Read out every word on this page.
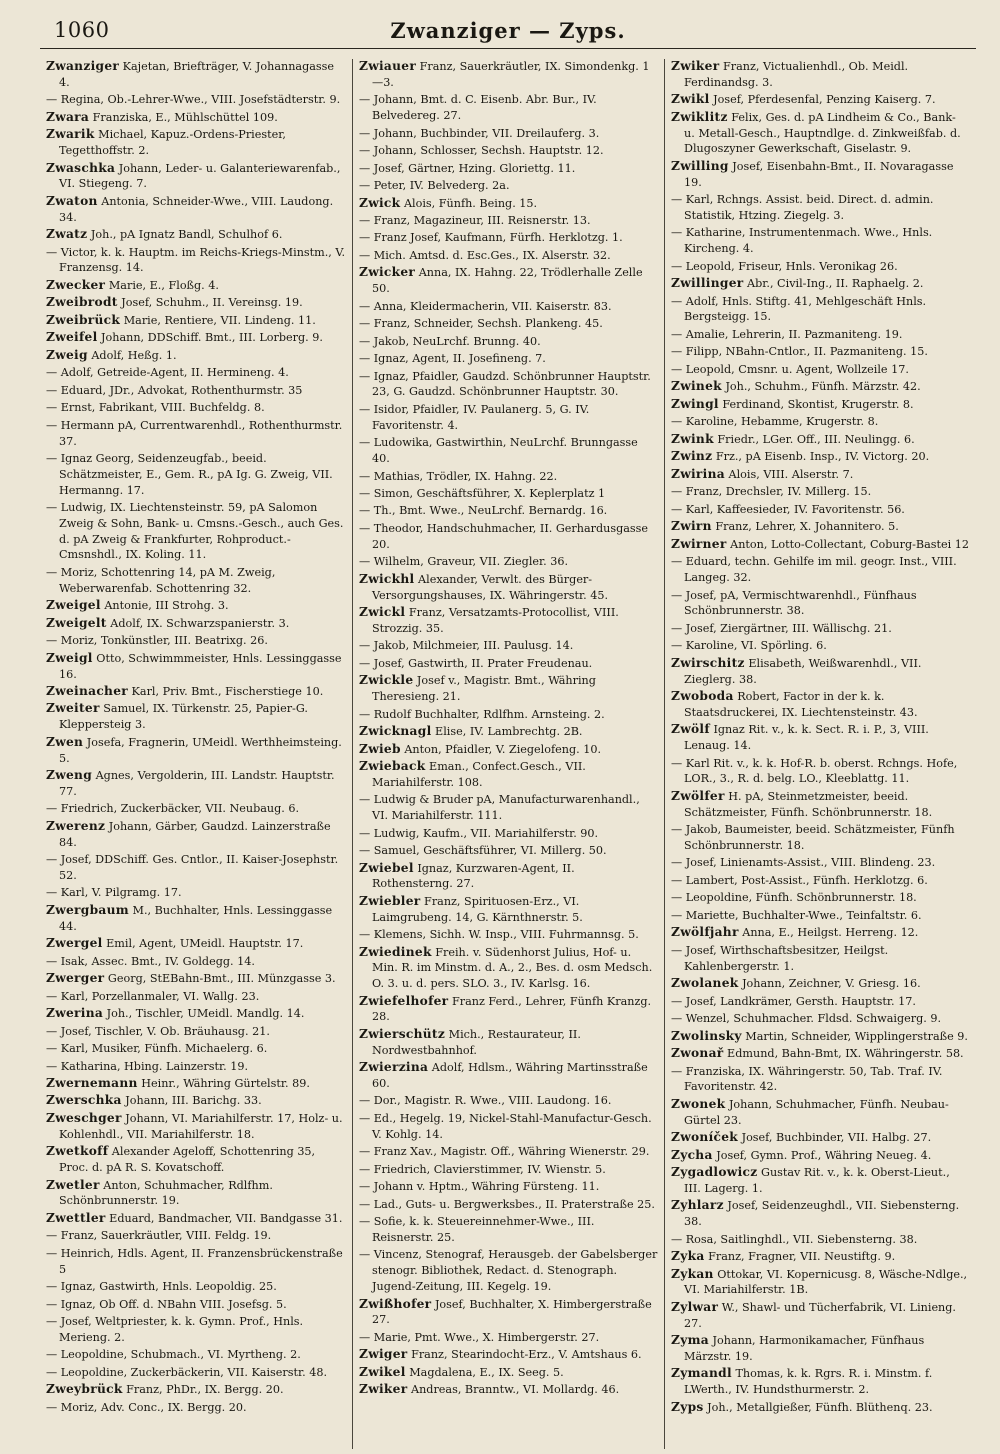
1060	Zwanziger — Zyps.
Zwanziger Kajetan, Briefträger, V. Johannagasse 4.
— Regina, Ob.-Lehrer-Wwe., VIII. Josefstädterstr. 9.
Zwara Franziska, E., Mühlschüttel 109.
Zwarik Michael, Kapuz.-Ordens-Priester, Tegetthoffstr. 2.
Zwaschka Johann, Leder- u. Galanteriewarenfab., VI. Stiegeng. 7.
Zwaton Antonia, Schneider-Wwe., VIII. Laudong. 34.
Zwatz Joh., pA Ignatz Bandl, Schulhof 6.
— Victor, k. k. Hauptm. im Reichs-Kriegs-Minstm., V. Franzensg. 14.
Zwecker Marie, E., Floßg. 4.
Zweibrodt Josef, Schuhm., II. Vereinsg. 19.
Zweibrück Marie, Rentiere, VII. Lindeng. 11.
Zweifel Johann, DDSchiff. Bmt., III. Lorberg. 9.
Zweig Adolf, Heßg. 1.
— Adolf, Getreide-Agent, II. Hermineng. 4.
— Eduard, JDr., Advokat, Rothenthurmstr. 35
— Ernst, Fabrikant, VIII. Buchfeldg. 8.
— Hermann pA, Currentwarenhdl., Rothenthurmstr. 37.
— Ignaz Georg, Seidenzeugfab., beeid. Schätzmeister, E., Gem. R., pA Ig. G. Zweig, VII. Hermanng. 17.
— Ludwig, IX. Liechtensteinstr. 59, pA Salomon Zweig & Sohn, Bank- u. Cmsns.-Gesch., auch Ges. d. pA Zweig & Frankfurter, Rohproduct.-Cmsnshdl., IX. Koling. 11.
— Moriz, Schottenring 14, pA M. Zweig, Weberwarenfab. Schottenring 32.
Zweigel Antonie, III Strohg. 3.
Zweigelt Adolf, IX. Schwarzspanierstr. 3.
— Moriz, Tonkünstler, III. Beatrixg. 26.
Zweigl Otto, Schwimmmeister, Hnls. Lessinggasse 16.
Zweinacher Karl, Priv. Bmt., Fischerstiege 10.
Zweiter Samuel, IX. Türkenstr. 25, Papier-G. Kleppersteig 3.
Zwen Josefa, Fragnerin, UMeidl. Werthheimsteing. 5.
Zweng Agnes, Vergolderin, III. Landstr. Hauptstr. 77.
— Friedrich, Zuckerbäcker, VII. Neubaug. 6.
Zwerenz Johann, Gärber, Gaudzd. Lainzerstraße 84.
— Josef, DDSchiff. Ges. Cntlor., II. Kaiser-Josephstr. 52.
— Karl, V. Pilgramg. 17.
Zwergbaum M., Buchhalter, Hnls. Lessinggasse 44.
Zwergel Emil, Agent, UMeidl. Hauptstr. 17.
— Isak, Assec. Bmt., IV. Goldegg. 14.
Zwerger Georg, StEBahn-Bmt., III. Münzgasse 3.
— Karl, Porzellanmaler, VI. Wallg. 23.
Zwerina Joh., Tischler, UMeidl. Mandlg. 14.
— Josef, Tischler, V. Ob. Bräuhausg. 21.
— Karl, Musiker, Fünfh. Michaelerg. 6.
— Katharina, Hbing. Lainzerstr. 19.
Zwernemann Heinr., Währing Gürtelstr. 89.
Zwerschka Johann, III. Barichg. 33.
Zweschger Johann, VI. Mariahilferstr. 17, Holz- u. Kohlenhdl., VII. Mariahilferstr. 18.
Zwetkoff Alexander Ageloff, Schottenring 35, Proc. d. pA R. S. Kovatschoff.
Zwetler Anton, Schuhmacher, Rdlfhm. Schönbrunnerstr. 19.
Zwettler Eduard, Bandmacher, VII. Bandgasse 31.
— Franz, Sauerkräutler, VIII. Feldg. 19.
— Heinrich, Hdls. Agent, II. Franzensbrückenstraße 5
— Ignaz, Gastwirth, Hnls. Leopoldig. 25.
— Ignaz, Ob Off. d. NBahn VIII. Josefsg. 5.
— Josef, Weltpriester, k. k. Gymn. Prof., Hnls. Merieng. 2.
— Leopoldine, Schubmach., VI. Myrtheng. 2.
— Leopoldine, Zuckerbäckerin, VII. Kaiserstr. 48.
Zweybrück Franz, PhDr., IX. Bergg. 20.
— Moriz, Adv. Conc., IX. Bergg. 20.
Zwiauer Franz, Sauerkräutler, IX. Simondenkg. 1—3.
— Johann, Bmt. d. C. Eisenb. Abr. Bur., IV. Belvedereg. 27.
— Johann, Buchbinder, VII. Dreilauferg. 3.
— Johann, Schlosser, Sechsh. Hauptstr. 12.
— Josef, Gärtner, Hzing. Gloriettg. 11.
— Peter, IV. Belvederg. 2a.
Zwick Alois, Fünfh. Being. 15.
— Franz, Magazineur, III. Reisnerstr. 13.
— Franz Josef, Kaufmann, Fürfh. Herklotzg. 1.
— Mich. Amtsd. d. Esc.Ges., IX. Alserstr. 32.
Zwicker Anna, IX. Hahng. 22, Trödlerhalle Zelle 50.
— Anna, Kleidermacherin, VII. Kaiserstr. 83.
— Franz, Schneider, Sechsh. Plankeng. 45.
— Jakob, NeuLrchf. Brunng. 40.
— Ignaz, Agent, II. Josefineng. 7.
— Ignaz, Pfaidler, Gaudzd. Schönbrunner Hauptstr. 23, G. Gaudzd. Schönbrunner Hauptstr. 30.
— Isidor, Pfaidler, IV. Paulanerg. 5, G. IV. Favoritenstr. 4.
— Ludowika, Gastwirthin, NeuLrchf. Brunngasse 40.
— Mathias, Trödler, IX. Hahng. 22.
— Simon, Geschäftsführer, X. Keplerplatz 1
— Th., Bmt. Wwe., NeuLrchf. Bernardg. 16.
— Theodor, Handschuhmacher, II. Gerhardusgasse 20.
— Wilhelm, Graveur, VII. Ziegler. 36.
Zwickhl Alexander, Verwlt. des Bürger-Versorgungshauses, IX. Währingerstr. 45.
Zwickl Franz, Versatzamts-Protocollist, VIII. Strozzig. 35.
— Jakob, Milchmeier, III. Paulusg. 14.
— Josef, Gastwirth, II. Prater Freudenau.
Zwickle Josef v., Magistr. Bmt., Währing Theresieng. 21.
— Rudolf Buchhalter, Rdlfhm. Arnsteing. 2.
Zwicknagl Elise, IV. Lambrechtg. 2B.
Zwieb Anton, Pfaidler, V. Ziegelofeng. 10.
Zwieback Eman., Confect.Gesch., VII. Mariahilferstr. 108.
— Ludwig & Bruder pA, Manufacturwarenhandl., VI. Mariahilferstr. 111.
— Ludwig, Kaufm., VII. Mariahilferstr. 90.
— Samuel, Geschäftsführer, VI. Millerg. 50.
Zwiebel Ignaz, Kurzwaren-Agent, II. Rothensterng. 27.
Zwiebler Franz, Spirituosen-Erz., VI. Laimgrubeng. 14, G. Kärnthnerstr. 5.
— Klemens, Sichh. W. Insp., VIII. Fuhrmannsg. 5.
Zwiedinek Freih. v. Südenhorst Julius, Hof- u. Min. R. im Minstm. d. A., 2., Bes. d. osm Medsch. O. 3. u. d. pers. SLO. 3., IV. Karlsg. 16.
Zwiefelhofer Franz Ferd., Lehrer, Fünfh Kranzg. 28.
Zwierschütz Mich., Restaurateur, II. Nordwestbahnhof.
Zwierzina Adolf, Hdlsm., Währing Martinsstraße 60.
— Dor., Magistr. R. Wwe., VIII. Laudong. 16.
— Ed., Hegelg. 19, Nickel-Stahl-Manufactur-Gesch. V. Kohlg. 14.
— Franz Xav., Magistr. Off., Währing Wienerstr. 29.
— Friedrich, Clavierstimmer, IV. Wienstr. 5.
— Johann v. Hptm., Währing Fürsteng. 11.
— Lad., Guts- u. Bergwerksbes., II. Praterstraße 25.
— Sofie, k. k. Steuereinnehmer-Wwe., III. Reisnerstr. 25.
— Vincenz, Stenograf, Herausgeb. der Gabelsberger stenogr. Bibliothek, Redact. d. Stenograph. Jugend-Zeitung, III. Kegelg. 19.
Zwißhofer Josef, Buchhalter, X. Himbergerstraße 27.
— Marie, Pmt. Wwe., X. Himbergerstr. 27.
Zwiger Franz, Stearindocht-Erz., V. Amtshaus 6.
Zwikel Magdalena, E., IX. Seeg. 5.
Zwiker Andreas, Branntw., VI. Mollardg. 46.
Zwiker Franz, Victualienhdl., Ob. Meidl. Ferdinandsg. 3.
Zwikl Josef, Pferdesenfal, Penzing Kaiserg. 7.
Zwiklitz Felix, Ges. d. pA Lindheim & Co., Bank- u. Metall-Gesch., Hauptndlge. d. Zinkweißfab. d. Dlugoszyner Gewerkschaft, Giselastr. 9.
Zwilling Josef, Eisenbahn-Bmt., II. Novaragasse 19.
— Karl, Rchngs. Assist. beid. Direct. d. admin. Statistik, Htzing. Ziegelg. 3.
— Katharine, Instrumentenmach. Wwe., Hnls. Kircheng. 4.
— Leopold, Friseur, Hnls. Veronikag 26.
Zwillinger Abr., Civil-Ing., II. Raphaelg. 2.
— Adolf, Hnls. Stiftg. 41, Mehlgeschäft Hnls. Bergsteigg. 15.
— Amalie, Lehrerin, II. Pazmaniteng. 19.
— Filipp, NBahn-Cntlor., II. Pazmaniteng. 15.
— Leopold, Cmsnr. u. Agent, Wollzeile 17.
Zwinek Joh., Schuhm., Fünfh. Märzstr. 42.
Zwingl Ferdinand, Skontist, Krugerstr. 8.
— Karoline, Hebamme, Krugerstr. 8.
Zwink Friedr., LGer. Off., III. Neulingg. 6.
Zwinz Frz., pA Eisenb. Insp., IV. Victorg. 20.
Zwirina Alois, VIII. Alserstr. 7.
— Franz, Drechsler, IV. Millerg. 15.
— Karl, Kaffeesieder, IV. Favoritenstr. 56.
Zwirn Franz, Lehrer, X. Johannitero. 5.
Zwirner Anton, Lotto-Collectant, Coburg-Bastei 12
— Eduard, techn. Gehilfe im mil. geogr. Inst., VIII. Langeg. 32.
— Josef, pA, Vermischtwarenhdl., Fünfhaus Schönbrunnerstr. 38.
— Josef, Ziergärtner, III. Wällischg. 21.
— Karoline, VI. Spörling. 6.
Zwirschitz Elisabeth, Weißwarenhdl., VII. Zieglerg. 38.
Zwoboda Robert, Factor in der k. k. Staatsdruckerei, IX. Liechtensteinstr. 43.
Zwölf Ignaz Rit. v., k. k. Sect. R. i. P., 3, VIII. Lenaug. 14.
— Karl Rit. v., k. k. Hof-R. b. oberst. Rchngs. Hofe, LOR., 3., R. d. belg. LO., Kleeblattg. 11.
Zwölfer H. pA, Steinmetzmeister, beeid. Schätzmeister, Fünfh. Schönbrunnerstr. 18.
— Jakob, Baumeister, beeid. Schätzmeister, Fünfh Schönbrunnerstr. 18.
— Josef, Linienamts-Assist., VIII. Blindeng. 23.
— Lambert, Post-Assist., Fünfh. Herklotzg. 6.
— Leopoldine, Fünfh. Schönbrunnerstr. 18.
— Mariette, Buchhalter-Wwe., Teinfaltstr. 6.
Zwölfjahr Anna, E., Heilgst. Herreng. 12.
— Josef, Wirthschaftsbesitzer, Heilgst. Kahlenbergerstr. 1.
Zwolanek Johann, Zeichner, V. Griesg. 16.
— Josef, Landkrämer, Gersth. Hauptstr. 17.
— Wenzel, Schuhmacher. Fldsd. Schwaigerg. 9.
Zwolinsky Martin, Schneider, Wipplingerstraße 9.
Zwonař Edmund, Bahn-Bmt, IX. Währingerstr. 58.
— Franziska, IX. Währingerstr. 50, Tab. Traf. IV. Favoritenstr. 42.
Zwonek Johann, Schuhmacher, Fünfh. Neubau-Gürtel 23.
Zwoníček Josef, Buchbinder, VII. Halbg. 27.
Zycha Josef, Gymn. Prof., Währing Neueg. 4.
Zygadlowicz Gustav Rit. v., k. k. Oberst-Lieut., III. Lagerg. 1.
Zyhlarz Josef, Seidenzeughdl., VII. Siebensterng. 38.
— Rosa, Saitlinghdl., VII. Siebensterng. 38.
Zyka Franz, Fragner, VII. Neustiftg. 9.
Zykan Ottokar, VI. Kopernicusg. 8, Wäsche-Ndlge., VI. Mariahilferstr. 1B.
Zylwar W., Shawl- und Tücherfabrik, VI. Linieng. 27.
Zyma Johann, Harmonikamacher, Fünfhaus Märzstr. 19.
Zymandl Thomas, k. k. Rgrs. R. i. Minstm. f. LWerth., IV. Hundsthurmerstr. 2.
Zyps Joh., Metallgießer, Fünfh. Blüthenq. 23.
